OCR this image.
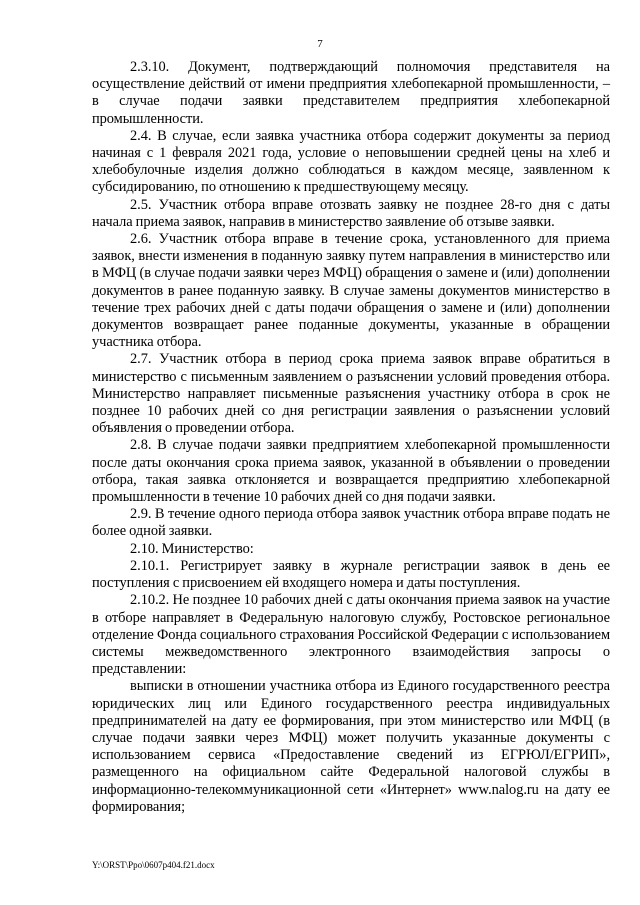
7

2.3.10. Документ, подтверждающий полномочия представителя на осуществление действий от имени предприятия хлебопекарной промышленности, – в случае подачи заявки представителем предприятия хлебопекарной промышленности.

2.4. В случае, если заявка участника отбора содержит документы за период начиная с 1 февраля 2021 года, условие о неповышении средней цены на хлеб и хлебобулочные изделия должно соблюдаться в каждом месяце, заявленном к субсидированию, по отношению к предшествующему месяцу.

2.5. Участник отбора вправе отозвать заявку не позднее 28-го дня с даты начала приема заявок, направив в министерство заявление об отзыве заявки.

2.6. Участник отбора вправе в течение срока, установленного для приема заявок, внести изменения в поданную заявку путем направления в министерство или в МФЦ (в случае подачи заявки через МФЦ) обращения о замене и (или) дополнении документов в ранее поданную заявку. В случае замены документов министерство в течение трех рабочих дней с даты подачи обращения о замене и (или) дополнении документов возвращает ранее поданные документы, указанные в обращении участника отбора.

2.7. Участник отбора в период срока приема заявок вправе обратиться в министерство с письменным заявлением о разъяснении условий проведения отбора. Министерство направляет письменные разъяснения участнику отбора в срок не позднее 10 рабочих дней со дня регистрации заявления о разъяснении условий объявления о проведении отбора.

2.8. В случае подачи заявки предприятием хлебопекарной промышленности после даты окончания срока приема заявок, указанной в объявлении о проведении отбора, такая заявка отклоняется и возвращается предприятию хлебопекарной промышленности в течение 10 рабочих дней со дня подачи заявки.

2.9. В течение одного периода отбора заявок участник отбора вправе подать не более одной заявки.

2.10. Министерство:

2.10.1. Регистрирует заявку в журнале регистрации заявок в день ее поступления с присвоением ей входящего номера и даты поступления.

2.10.2. Не позднее 10 рабочих дней с даты окончания приема заявок на участие в отборе направляет в Федеральную налоговую службу, Ростовское региональное отделение Фонда социального страхования Российской Федерации с использованием системы межведомственного электронного взаимодействия запросы о представлении:

выписки в отношении участника отбора из Единого государственного реестра юридических лиц или Единого государственного реестра индивидуальных предпринимателей на дату ее формирования, при этом министерство или МФЦ (в случае подачи заявки через МФЦ) может получить указанные документы с использованием сервиса «Предоставление сведений из ЕГРЮЛ/ЕГРИП», размещенного на официальном сайте Федеральной налоговой службы в информационно-телекоммуникационной сети «Интернет» www.nalog.ru на дату ее формирования;

Y:\ORST\Ppo\0607p404.f21.docx
